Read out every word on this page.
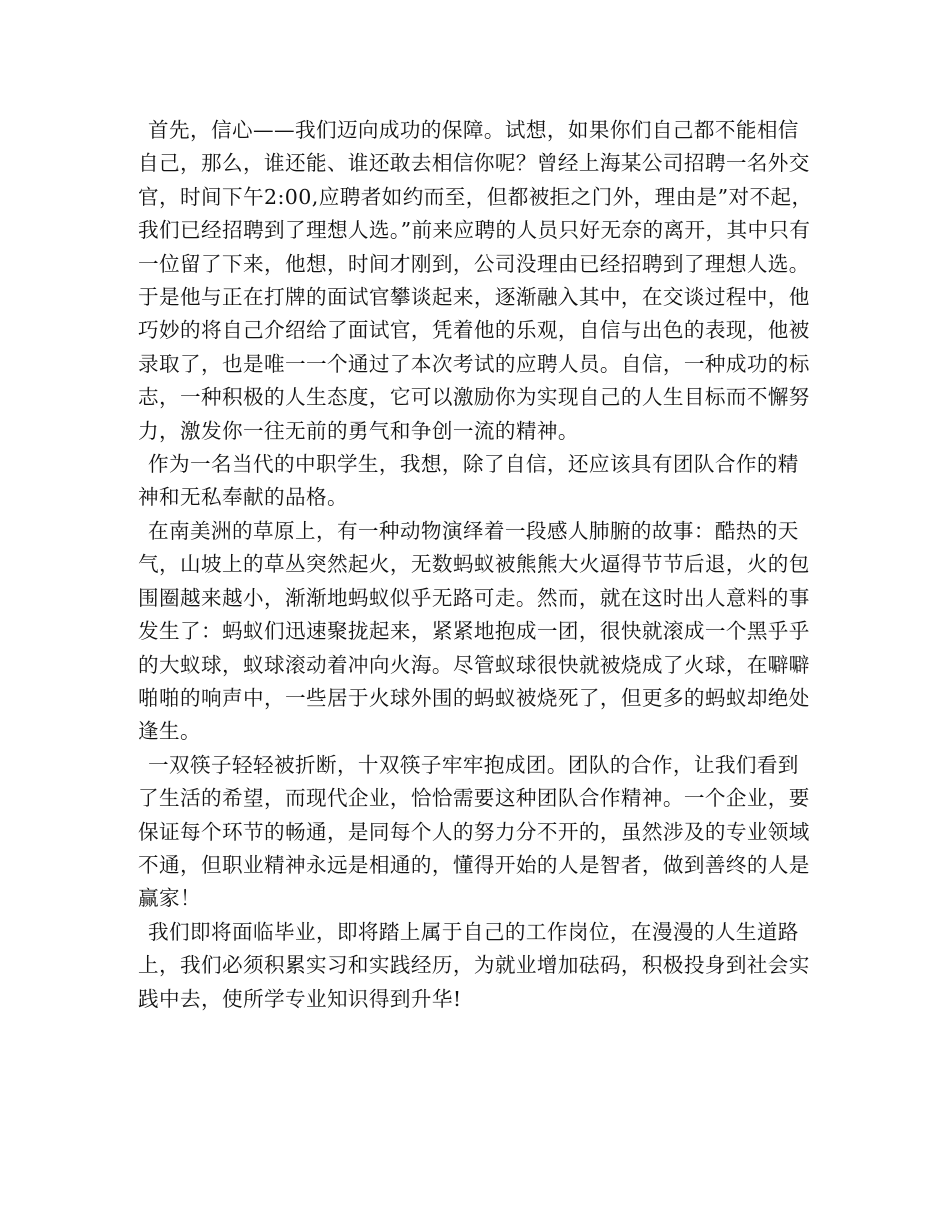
首先，信心——我们迈向成功的保障。试想，如果你们自己都不能相信自己，那么，谁还能、谁还敢去相信你呢？曾经上海某公司招聘一名外交官，时间下午2:00,应聘者如约而至，但都被拒之门外，理由是”对不起，我们已经招聘到了理想人选。”前来应聘的人员只好无奈的离开，其中只有一位留了下来，他想，时间才刚到，公司没理由已经招聘到了理想人选。于是他与正在打牌的面试官攀谈起来，逐渐融入其中，在交谈过程中，他巧妙的将自己介绍给了面试官，凭着他的乐观，自信与出色的表现，他被录取了，也是唯一一个通过了本次考试的应聘人员。自信，一种成功的标志，一种积极的人生态度，它可以激励你为实现自己的人生目标而不懈努力，激发你一往无前的勇气和争创一流的精神。

作为一名当代的中职学生，我想，除了自信，还应该具有团队合作的精神和无私奉献的品格。

在南美洲的草原上，有一种动物演绎着一段感人肺腑的故事：酷热的天气，山坡上的草丛突然起火，无数蚂蚁被熊熊大火逼得节节后退，火的包围圈越来越小，渐渐地蚂蚁似乎无路可走。然而，就在这时出人意料的事发生了：蚂蚁们迅速聚拢起来，紧紧地抱成一团，很快就滚成一个黑乎乎的大蚁球，蚁球滚动着冲向火海。尽管蚁球很快就被烧成了火球，在噼噼啪啪的响声中，一些居于火球外围的蚂蚁被烧死了，但更多的蚂蚁却绝处逢生。

一双筷子轻轻被折断，十双筷子牢牢抱成团。团队的合作，让我们看到了生活的希望，而现代企业，恰恰需要这种团队合作精神。一个企业，要保证每个环节的畅通，是同每个人的努力分不开的，虽然涉及的专业领域不通，但职业精神永远是相通的，懂得开始的人是智者，做到善终的人是赢家！

我们即将面临毕业，即将踏上属于自己的工作岗位，在漫漫的人生道路上，我们必须积累实习和实践经历，为就业增加砝码，积极投身到社会实践中去，使所学专业知识得到升华!
